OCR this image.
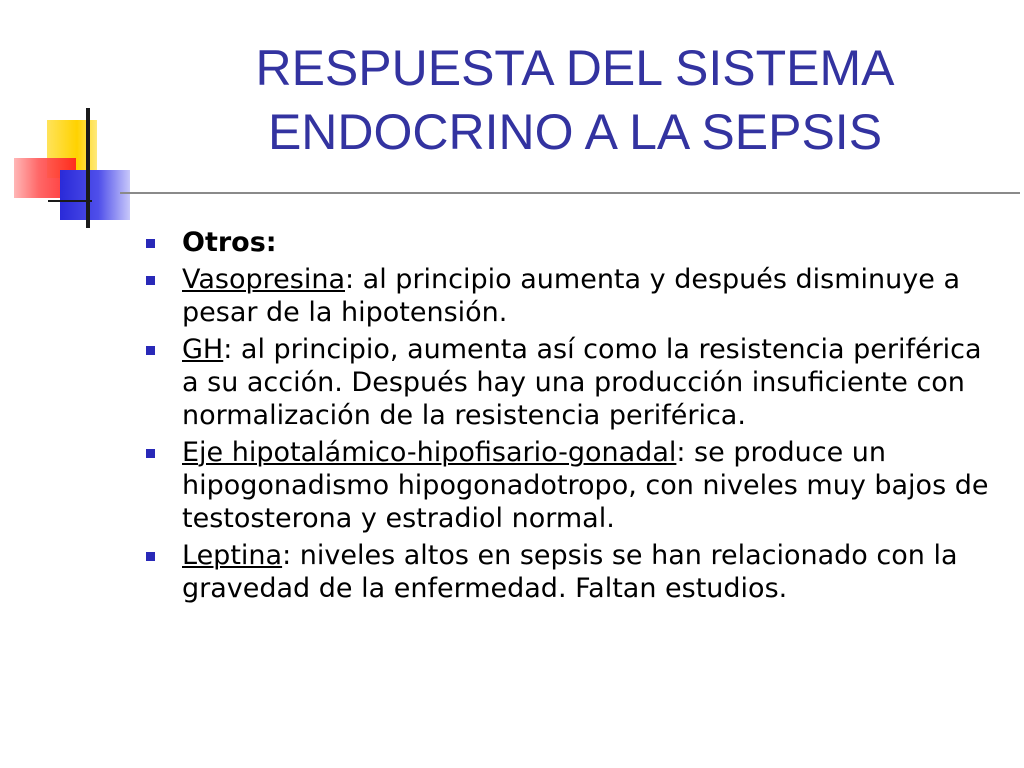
RESPUESTA DEL SISTEMA
ENDOCRINO A LA SEPSIS
Otros:
Vasopresina: al principio aumenta y después disminuye a pesar de la hipotensión.
GH: al principio, aumenta así como la resistencia periférica a su acción. Después hay una producción insuficiente con normalización de la resistencia periférica.
Eje hipotalámico-hipofisario-gonadal: se produce un hipogonadismo hipogonadotropo, con niveles muy bajos de testosterona y estradiol normal.
Leptina: niveles altos en sepsis se han relacionado con la gravedad de la enfermedad. Faltan estudios.
